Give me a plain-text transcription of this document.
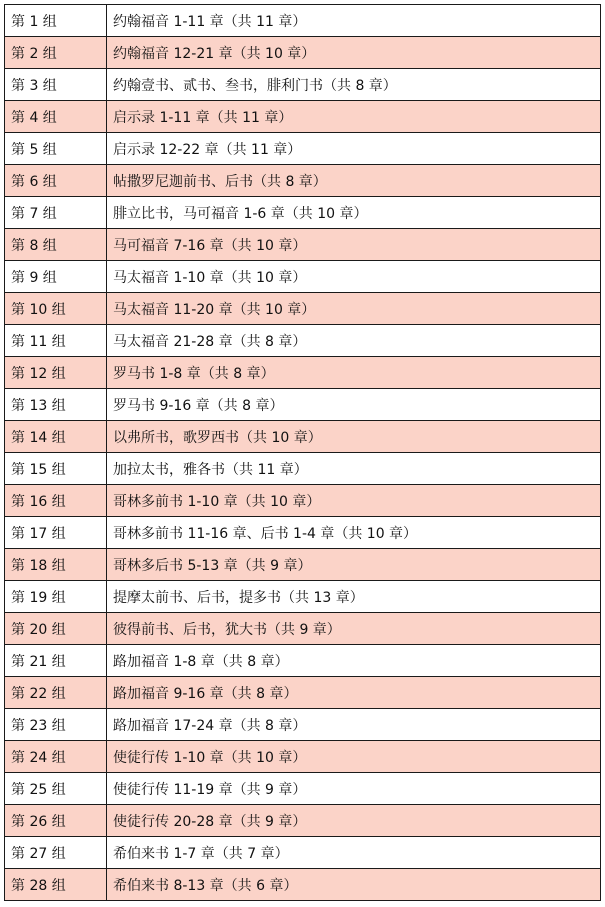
第 1 组	约翰福音 1-11 章（共 11 章）
第 2 组	约翰福音 12-21 章（共 10 章）
第 3 组	约翰壹书、贰书、叁书，腓利门书（共 8 章）
第 4 组	启示录 1-11 章（共 11 章）
第 5 组	启示录 12-22 章（共 11 章）
第 6 组	帖撒罗尼迦前书、后书（共 8 章）
第 7 组	腓立比书，马可福音 1-6 章（共 10 章）
第 8 组	马可福音 7-16 章（共 10 章）
第 9 组	马太福音 1-10 章（共 10 章）
第 10 组	马太福音 11-20 章（共 10 章）
第 11 组	马太福音 21-28 章（共 8 章）
第 12 组	罗马书 1-8 章（共 8 章）
第 13 组	罗马书 9-16 章（共 8 章）
第 14 组	以弗所书，歌罗西书（共 10 章）
第 15 组	加拉太书，雅各书（共 11 章）
第 16 组	哥林多前书 1-10 章（共 10 章）
第 17 组	哥林多前书 11-16 章、后书 1-4 章（共 10 章）
第 18 组	哥林多后书 5-13 章（共 9 章）
第 19 组	提摩太前书、后书，提多书（共 13 章）
第 20 组	彼得前书、后书，犹大书（共 9 章）
第 21 组	路加福音 1-8 章（共 8 章）
第 22 组	路加福音 9-16 章（共 8 章）
第 23 组	路加福音 17-24 章（共 8 章）
第 24 组	使徒行传 1-10 章（共 10 章）
第 25 组	使徒行传 11-19 章（共 9 章）
第 26 组	使徒行传 20-28 章（共 9 章）
第 27 组	希伯来书 1-7 章（共 7 章）
第 28 组	希伯来书 8-13 章（共 6 章）
